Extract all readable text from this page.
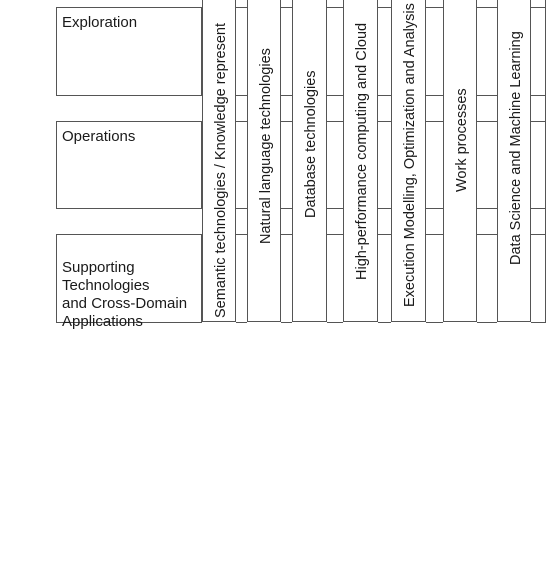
Exploration
Operations

Supporting
Technologies
and Cross-Domain
Applications

Semantic technologies / Knowledge represent Natural language technologies Database technologies High-performance computing and Cloud Execution Modelling, Optimization and Analysis Work processes	Data Science and Machine Learning
